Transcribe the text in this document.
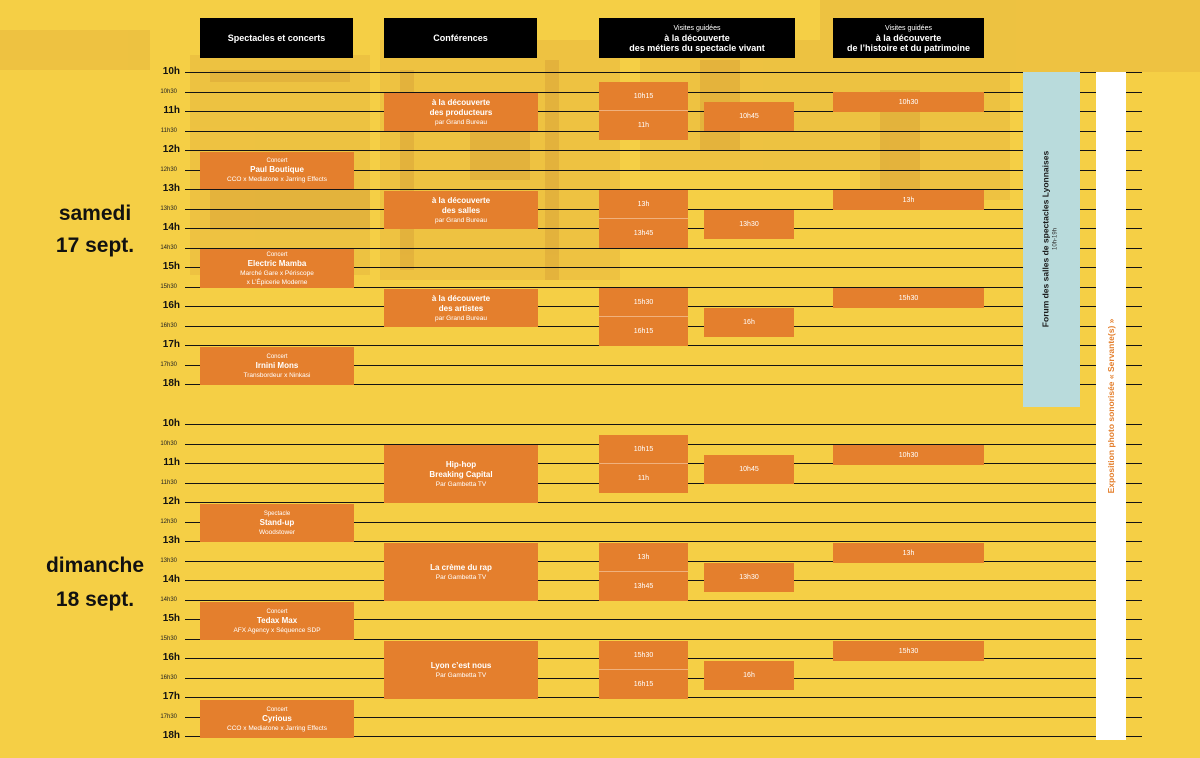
Spectacles et concerts	Conférences
Visites guidées
à la découverte
des métiers du spectacle vivant
Visites guidées
à la découverte
de l’histoire et du patrimoine
10h
10h30
11h
11h30
12h
12h30
13h
13h30
14h
14h30
15h
15h30
16h
16h30
17h
17h30
18h
10h
10h30
11h
11h30
12h
12h30
13h
13h30
14h
14h30
15h
15h30
16h
16h30
17h
17h30
18h
samedi
17 sept.
dimanche
18 sept.
Concert
Paul Boutique
CCO x Mediatone x Jarring Effects
Concert
Electric Mamba
Marché Gare x Périscope
x L’Épicerie Moderne
Concert
Irnini Mons
Transbordeur x Ninkasi
à la découverte
des producteurs
par Grand Bureau
à la découverte
des salles
par Grand Bureau
à la découverte
des artistes
par Grand Bureau
10h15
11h
10h45
13h
13h45
13h30
15h30
16h15
16h
10h30
13h
15h30	Forum des salles de spectacles Lyonnaises 10h-19h
Spectacle
Stand-up
Woodstower
Concert
Tedax Max
AFX Agency x Séquence SDP
Concert
Cyrious
CCO x Mediatone x Jarring Effects
Hip-hop
Breaking Capital
Par Gambetta TV
La crème du rap
Par Gambetta TV
Lyon c’est nous
Par Gambetta TV
10h15
11h
10h45
13h
13h45
13h30
15h30
16h15
16h
10h30
13h
15h30
Exposition photo sonorisée « Servante(s) »
